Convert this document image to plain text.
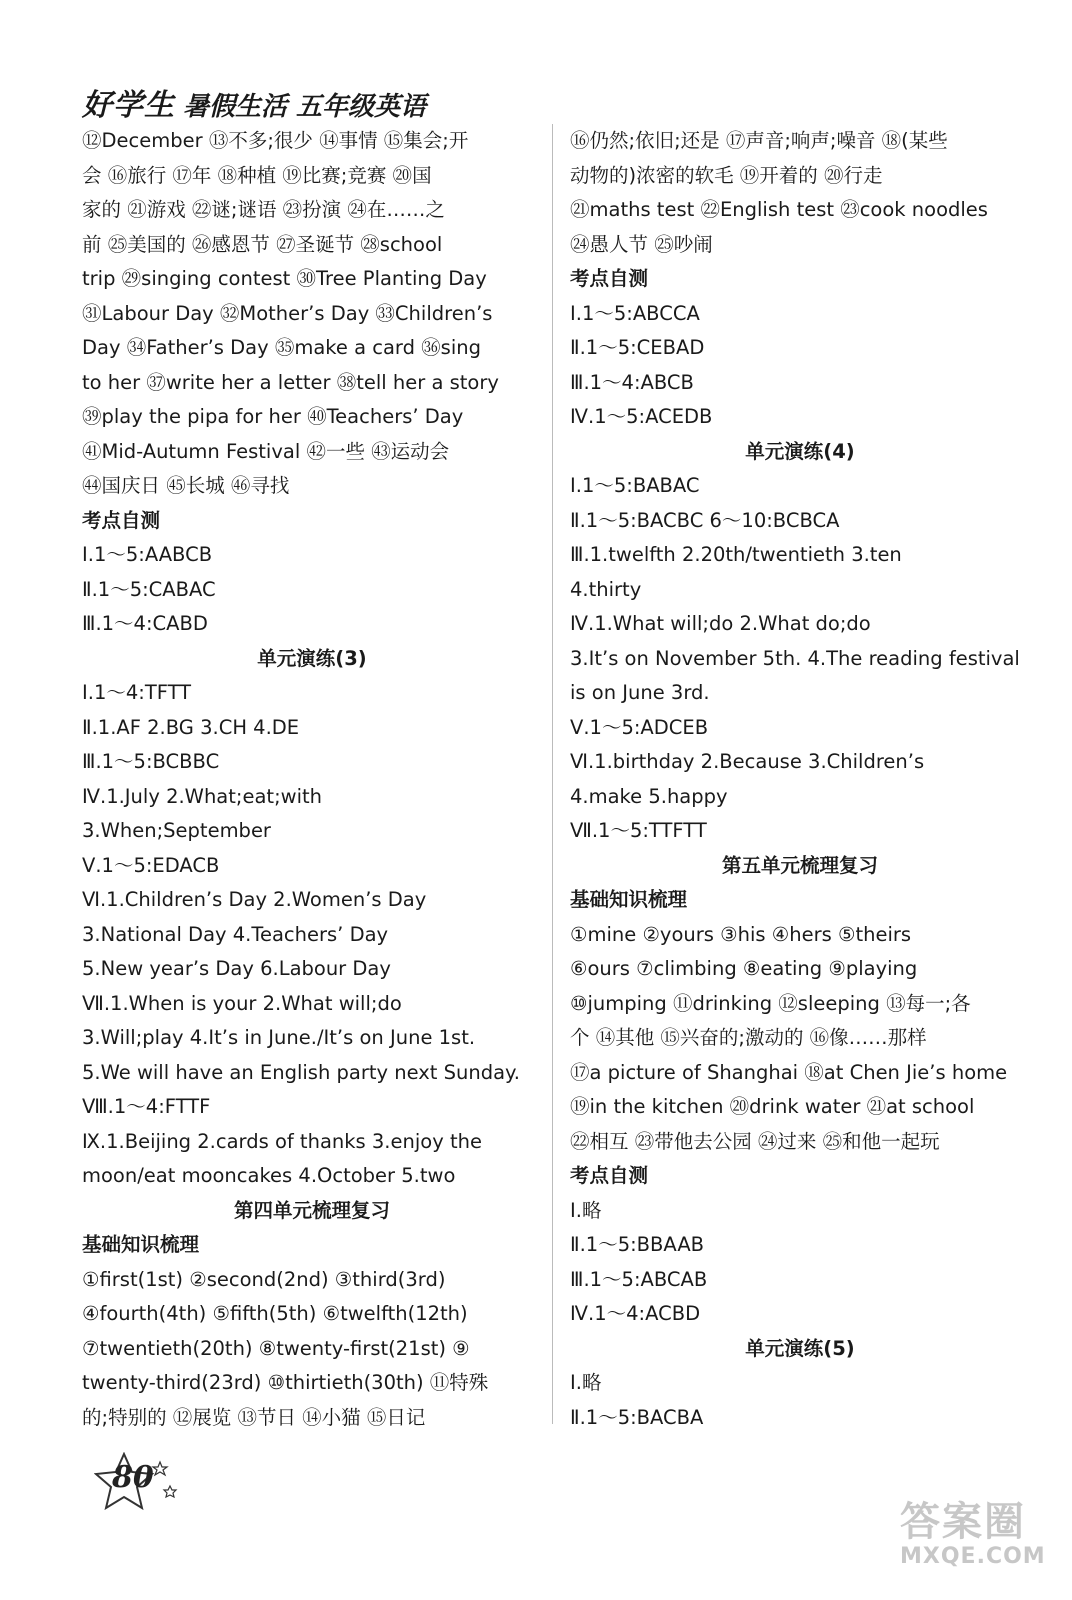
好学生 暑假生活 五年级英语
⑫December ⑬不多;很少 ⑭事情 ⑮集会;开
会 ⑯旅行 ⑰年 ⑱种植 ⑲比赛;竞赛 ⑳国
家的 ㉑游戏 ㉒谜;谜语 ㉓扮演 ㉔在……之
前 ㉕美国的 ㉖感恩节 ㉗圣诞节 ㉘school
trip ㉙singing contest ㉚Tree Planting Day
㉛Labour Day ㉜Mother’s Day ㉝Children’s
Day ㉞Father’s Day ㉟make a card ㊱sing
to her ㊲write her a letter ㊳tell her a story
㊴play the pipa for her ㊵Teachers’ Day
㊶Mid-Autumn Festival ㊷一些 ㊸运动会
㊹国庆日 ㊺长城 ㊻寻找
考点自测
Ⅰ.1～5:AABCB
Ⅱ.1～5:CABAC
Ⅲ.1～4:CABD
单元演练(3)
Ⅰ.1～4:TFTT
Ⅱ.1.AF 2.BG 3.CH 4.DE
Ⅲ.1～5:BCBBC
Ⅳ.1.July 2.What;eat;with
3.When;September
Ⅴ.1～5:EDACB
Ⅵ.1.Children’s Day 2.Women’s Day
3.National Day 4.Teachers’ Day
5.New year’s Day 6.Labour Day
Ⅶ.1.When is your 2.What will;do
3.Will;play 4.It’s in June./It’s on June 1st.
5.We will have an English party next Sunday.
Ⅷ.1～4:FTTF
Ⅸ.1.Beijing 2.cards of thanks 3.enjoy the
moon/eat mooncakes 4.October 5.two
第四单元梳理复习
基础知识梳理
①first(1st) ②second(2nd) ③third(3rd)
④fourth(4th) ⑤fifth(5th) ⑥twelfth(12th)
⑦twentieth(20th) ⑧twenty-first(21st) ⑨
twenty-third(23rd) ⑩thirtieth(30th) ⑪特殊
的;特别的 ⑫展览 ⑬节日 ⑭小猫 ⑮日记
⑯仍然;依旧;还是 ⑰声音;响声;噪音 ⑱(某些
动物的)浓密的软毛 ⑲开着的 ⑳行走
㉑maths test ㉒English test ㉓cook noodles
㉔愚人节 ㉕吵闹
考点自测
Ⅰ.1～5:ABCCA
Ⅱ.1～5:CEBAD
Ⅲ.1～4:ABCB
Ⅳ.1～5:ACEDB
单元演练(4)
Ⅰ.1～5:BABAC
Ⅱ.1～5:BACBC 6～10:BCBCA
Ⅲ.1.twelfth 2.20th/twentieth 3.ten
4.thirty
Ⅳ.1.What will;do 2.What do;do
3.It’s on November 5th. 4.The reading festival
is on June 3rd.
Ⅴ.1～5:ADCEB
Ⅵ.1.birthday 2.Because 3.Children’s
4.make 5.happy
Ⅶ.1～5:TTFTT
第五单元梳理复习
基础知识梳理
①mine ②yours ③his ④hers ⑤theirs
⑥ours ⑦climbing ⑧eating ⑨playing
⑩jumping ⑪drinking ⑫sleeping ⑬每一;各
个 ⑭其他 ⑮兴奋的;激动的 ⑯像……那样
⑰a picture of Shanghai ⑱at Chen Jie’s home
⑲in the kitchen ⑳drink water ㉑at school
㉒相互 ㉓带他去公园 ㉔过来 ㉕和他一起玩
考点自测
Ⅰ.略
Ⅱ.1～5:BBAAB
Ⅲ.1～5:ABCAB
Ⅳ.1～4:ACBD
单元演练(5)
Ⅰ.略
Ⅱ.1～5:BACBA
80
答案圈
MXQE.COM
